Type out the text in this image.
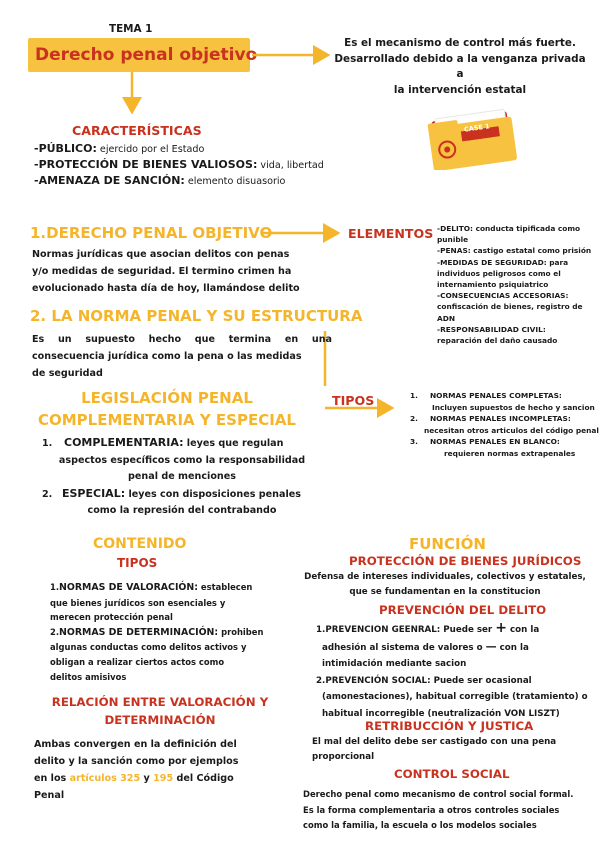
TEMA 1
Derecho penal objetivo
Es el mecanismo de control más fuerte.
Desarrollado debido a la venganza privada a
la intervención estatal
CASE 1
EVIDENCE
CARACTERÍSTICAS
-PÚBLICO: ejercido por el Estado
-PROTECCIÓN DE BIENES VALIOSOS: vida, libertad
-AMENAZA DE SANCIÓN: elemento disuasorio
1.DERECHO PENAL OBJETIVO
Normas jurídicas que asocian delitos con penas
y/o medidas de seguridad. El termino crimen ha
evolucionado hasta día de hoy, llamándose delito
ELEMENTOS -DELITO: conducta tipificada como
punible
-PENAS: castigo estatal como prisión
-MEDIDAS DE SEGURIDAD: para
individuos peligrosos como el
internamiento psiquiatrico
-CONSECUENCIAS ACCESORIAS:
confiscación de bienes, registro de
ADN
-RESPONSABILIDAD CIVIL:
reparación del daño causado
2. LA NORMA PENAL Y SU ESTRUCTURA
Es un supuesto hecho que termina en una
consecuencia jurídica como la pena o las medidas
de seguridad
TIPOS	1. NORMAS PENALES COMPLETAS:
Incluyen supuestos de hecho y sancion
2. NORMAS PENALES INCOMPLETAS:
necesitan otros articulos del código penal
3. NORMAS PENALES EN BLANCO:
requieren normas extrapenales
LEGISLACIÓN PENAL
COMPLEMENTARIA Y ESPECIAL
1. COMPLEMENTARIA: leyes que regulan
aspectos específicos como la responsabilidad
penal de menciones
2. ESPECIAL: leyes con disposiciones penales
como la represión del contrabando
CONTENIDO
TIPOS
1.NORMAS DE VALORACIÓN: establecen
que bienes jurídicos son esenciales y
merecen protección penal
2.NORMAS DE DETERMINACIÓN: prohiben
algunas conductas como delitos activos y
obligan a realizar ciertos actos como
delitos amisivos
RELACIÓN ENTRE VALORACIÓN Y
DETERMINACIÓN
Ambas convergen en la definición del
delito y la sanción como por ejemplos
en los artículos 325 y 195 del Código
Penal
FUNCIÓN
PROTECCIÓN DE BIENES JURÍDICOS
Defensa de intereses individuales, colectivos y estatales,
que se fundamentan en la constitucion
PREVENCIÓN DEL DELITO
1.PREVENCION GEENRAL: Puede ser + con la
adhesión al sistema de valores o — con la
intimidación mediante sacion
2.PREVENCIÓN SOCIAL: Puede ser ocasional
(amonestaciones), habitual corregible (tratamiento) o
habitual incorregible (neutralización VON LISZT)
RETRIBUCCIÓN Y JUSTICA
El mal del delito debe ser castigado con una pena
proporcional
CONTROL SOCIAL
Derecho penal como mecanismo de control social formal.
Es la forma complementaria a otros controles sociales
como la familia, la escuela o los modelos sociales
